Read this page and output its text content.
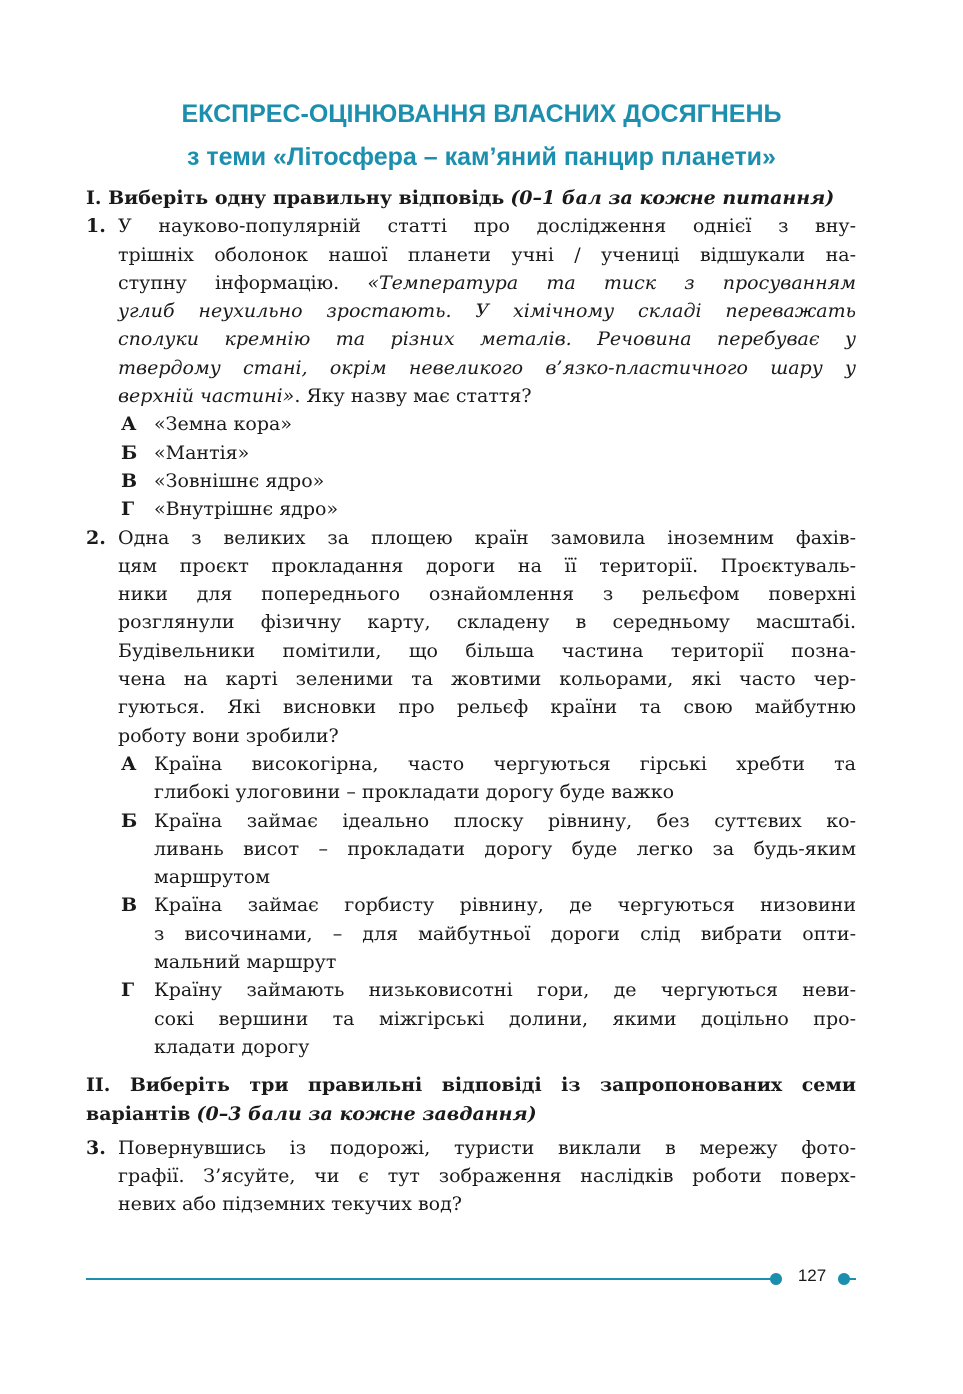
ЕКСПРЕС-ОЦІНЮВАННЯ ВЛАСНИХ ДОСЯГНЕНЬ
з теми «Літосфера – кам’яний панцир планети»
I. Виберіть одну правильну відповідь (0–1 бал за кожне питання)
1. У науково-популярній статті про дослідження однієї з вну-
трішніх оболонок нашої планети учні / учениці відшукали на-
ступну інформацію. «Температура та тиск з просуванням
углиб неухильно зростають. У хімічному складі переважать
сполуки кремнію та різних металів. Речовина перебуває у
твердому стані, окрім невеликого в’язко-пластичного шару у
верхній частині». Яку назву має стаття?
А «Земна кора»
Б «Мантія»
В «Зовнішнє ядро»
Г «Внутрішнє ядро»
2. Одна з великих за площею країн замовила іноземним фахів-
цям проєкт прокладання дороги на її території. Проєктуваль-
ники для попереднього ознайомлення з рельєфом поверхні
розглянули фізичну карту, складену в середньому масштабі.
Будівельники помітили, що більша частина території позна-
чена на карті зеленими та жовтими кольорами, які часто чер-
гуються. Які висновки про рельєф країни та свою майбутню
роботу вони зробили?
А Країна високогірна, часто чергуються гірські хребти та
глибокі улоговини – прокладати дорогу буде важко
Б Країна займає ідеально плоску рівнину, без суттєвих ко-
ливань висот – прокладати дорогу буде легко за будь-яким
маршрутом
В Країна займає горбисту рівнину, де чергуються низовини
з височинами, – для майбутньої дороги слід вибрати опти-
мальний маршрут
Г Країну займають низьковисотні гори, де чергуються неви-
сокі вершини та міжгірські долини, якими доцільно про-
кладати дорогу
II. Виберіть три правильні відповіді із запропонованих семи
варіантів (0–3 бали за кожне завдання)
3. Повернувшись із подорожі, туристи виклали в мережу фото-
графії. З’ясуйте, чи є тут зображення наслідків роботи поверх-
невих або підземних текучих вод?
127
